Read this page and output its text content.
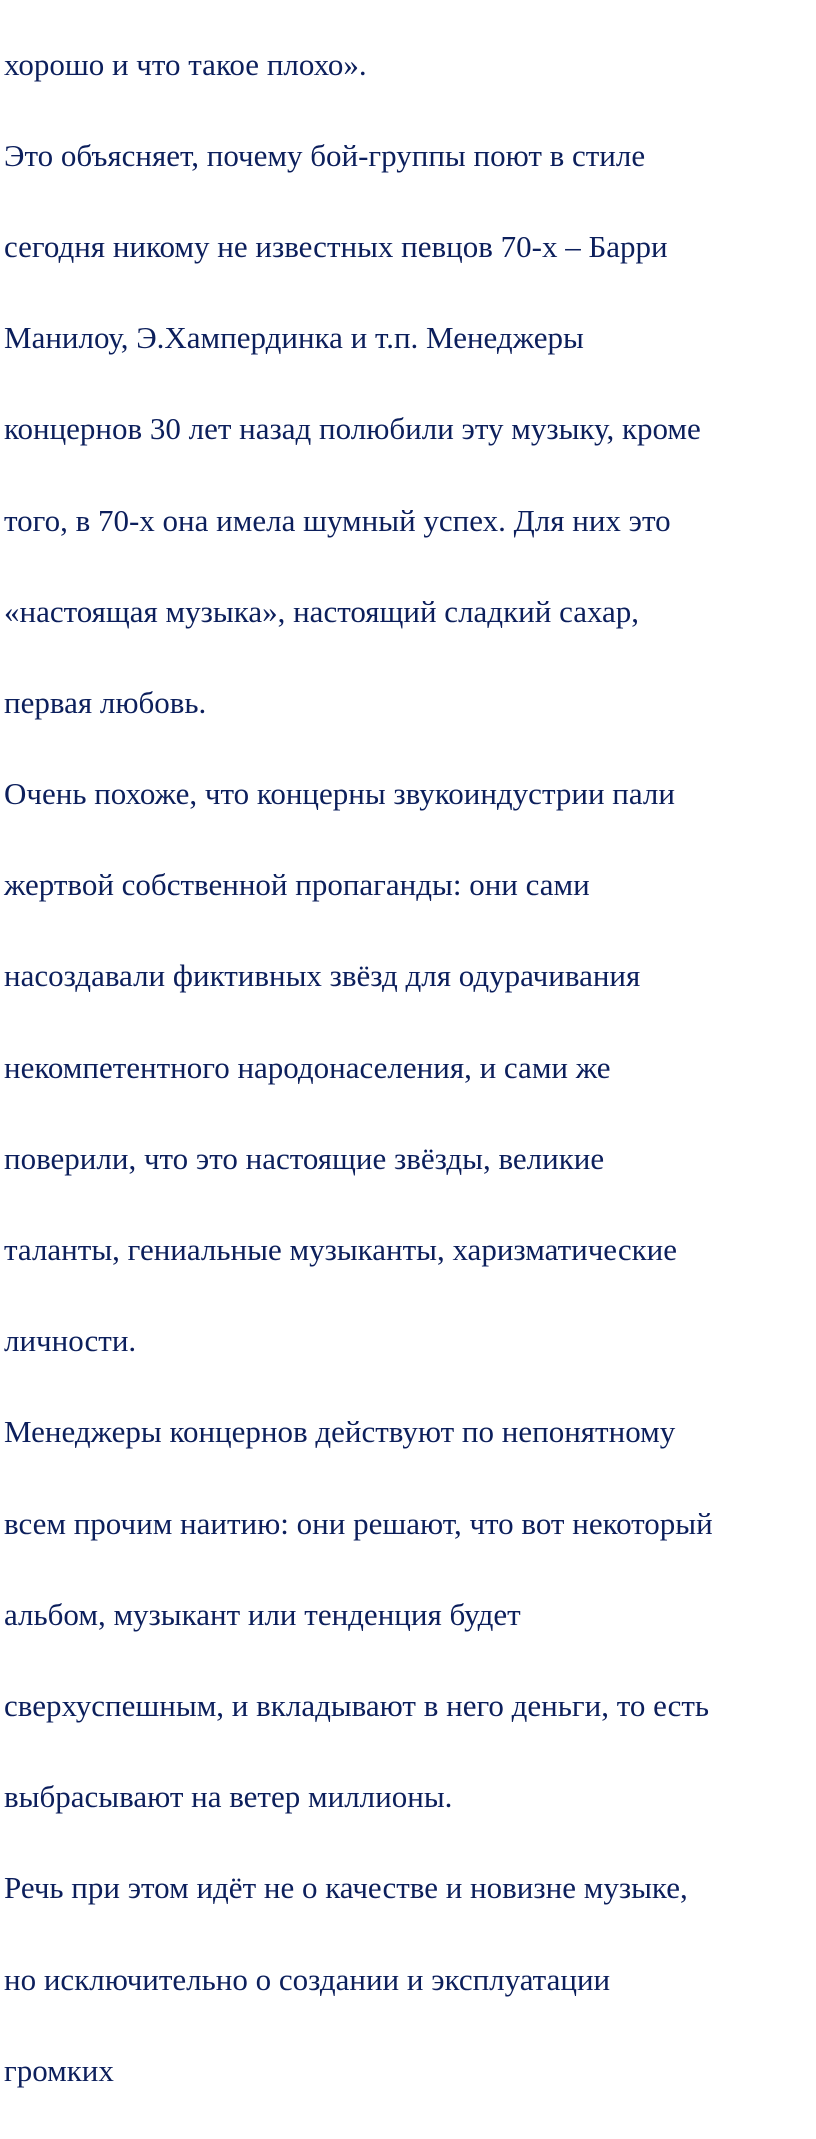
хорошо и что такое плохо».

Это объясняет, почему бой-группы поют в стиле

сегодня никому не известных певцов 70-х – Барри

Манилоу, Э.Хампердинка и т.п. Менеджеры

концернов 30 лет назад полюбили эту музыку, кроме

того, в 70-х она имела шумный успех. Для них это

«настоящая музыка», настоящий сладкий сахар,

первая любовь.

Очень похоже, что концерны звукоиндустрии пали

жертвой собственной пропаганды: они сами

насоздавали фиктивных звёзд для одурачивания

некомпетентного народонаселения, и сами же

поверили, что это настоящие звёзды, великие

таланты, гениальные музыканты, харизматические

личности.

Менеджеры концернов действуют по непонятному

всем прочим наитию: они решают, что вот некоторый

альбом, музыкант или тенденция будет

сверхуспешным, и вкладывают в него деньги, то есть

выбрасывают на ветер миллионы.

Речь при этом идёт не о качестве и новизне музыке,

но исключительно о создании и эксплуатации

громких
